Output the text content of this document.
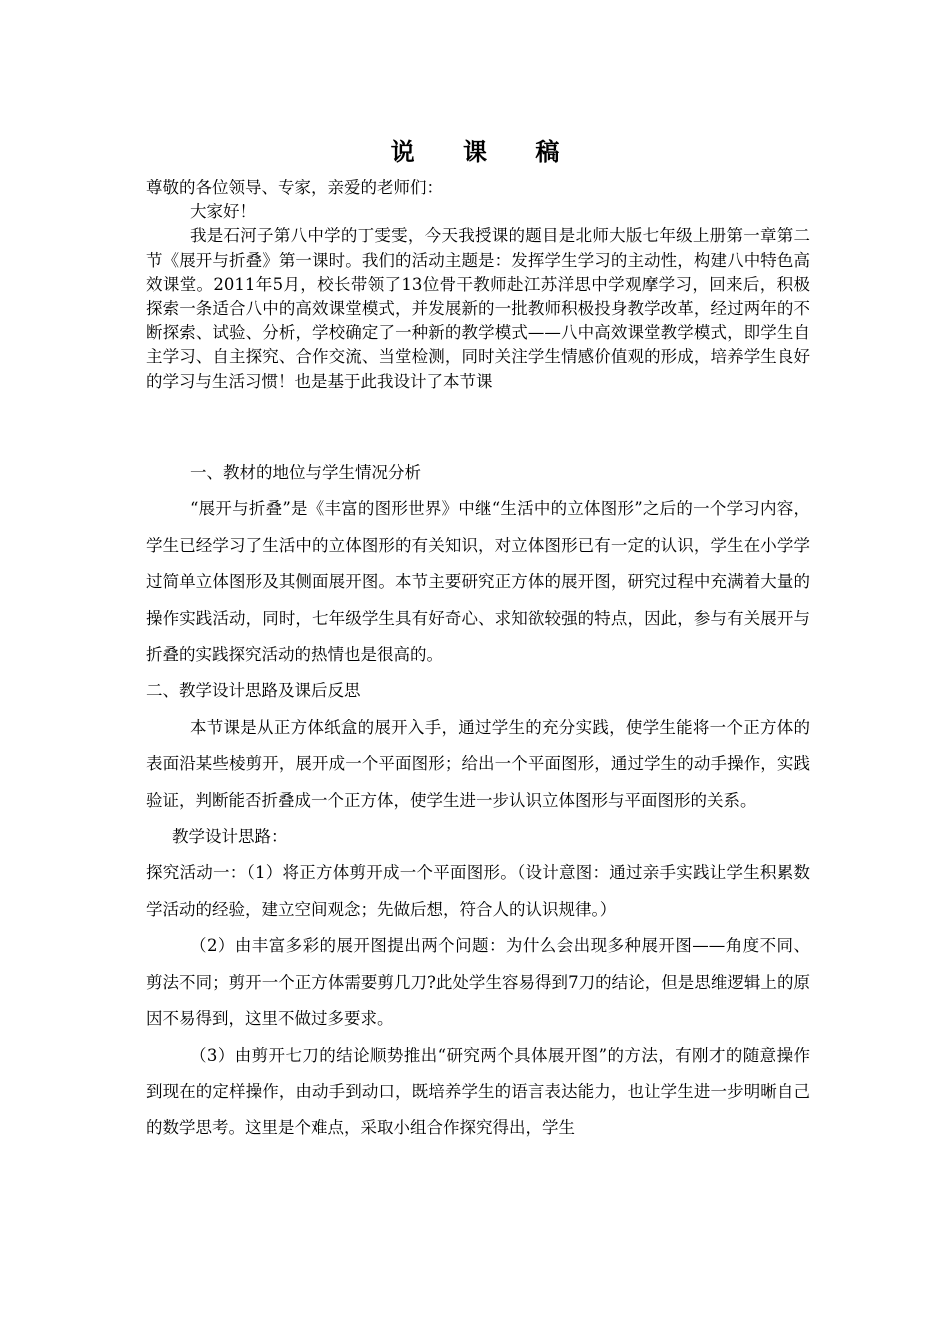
说 课 稿

尊敬的各位领导、专家，亲爱的老师们：

大家好！

我是石河子第八中学的丁雯雯，今天我授课的题目是北师大版七年级上册第一章第二节《展开与折叠》第一课时。我们的活动主题是：发挥学生学习的主动性，构建八中特色高效课堂。2011年5月，校长带领了13位骨干教师赴江苏洋思中学观摩学习，回来后，积极探索一条适合八中的高效课堂模式，并发展新的一批教师积极投身教学改革，经过两年的不断探索、试验、分析，学校确定了一种新的教学模式——八中高效课堂教学模式，即学生自主学习、自主探究、合作交流、当堂检测，同时关注学生情感价值观的形成，培养学生良好的学习与生活习惯！也是基于此我设计了本节课

一、教材的地位与学生情况分析

“展开与折叠”是《丰富的图形世界》中继“生活中的立体图形”之后的一个学习内容，学生已经学习了生活中的立体图形的有关知识，对立体图形已有一定的认识，学生在小学学过简单立体图形及其侧面展开图。本节主要研究正方体的展开图，研究过程中充满着大量的操作实践活动，同时，七年级学生具有好奇心、求知欲较强的特点，因此，参与有关展开与折叠的实践探究活动的热情也是很高的。

二、教学设计思路及课后反思

本节课是从正方体纸盒的展开入手，通过学生的充分实践，使学生能将一个正方体的表面沿某些棱剪开，展开成一个平面图形；给出一个平面图形，通过学生的动手操作，实践验证，判断能否折叠成一个正方体，使学生进一步认识立体图形与平面图形的关系。

教学设计思路：

探究活动一：（1）将正方体剪开成一个平面图形。（设计意图：通过亲手实践让学生积累数学活动的经验，建立空间观念；先做后想，符合人的认识规律。）

（2）由丰富多彩的展开图提出两个问题：为什么会出现多种展开图——角度不同、剪法不同；剪开一个正方体需要剪几刀?此处学生容易得到7刀的结论，但是思维逻辑上的原因不易得到，这里不做过多要求。

（3）由剪开七刀的结论顺势推出“研究两个具体展开图”的方法，有刚才的随意操作到现在的定样操作，由动手到动口，既培养学生的语言表达能力，也让学生进一步明晰自己的数学思考。这里是个难点，采取小组合作探究得出，学生
